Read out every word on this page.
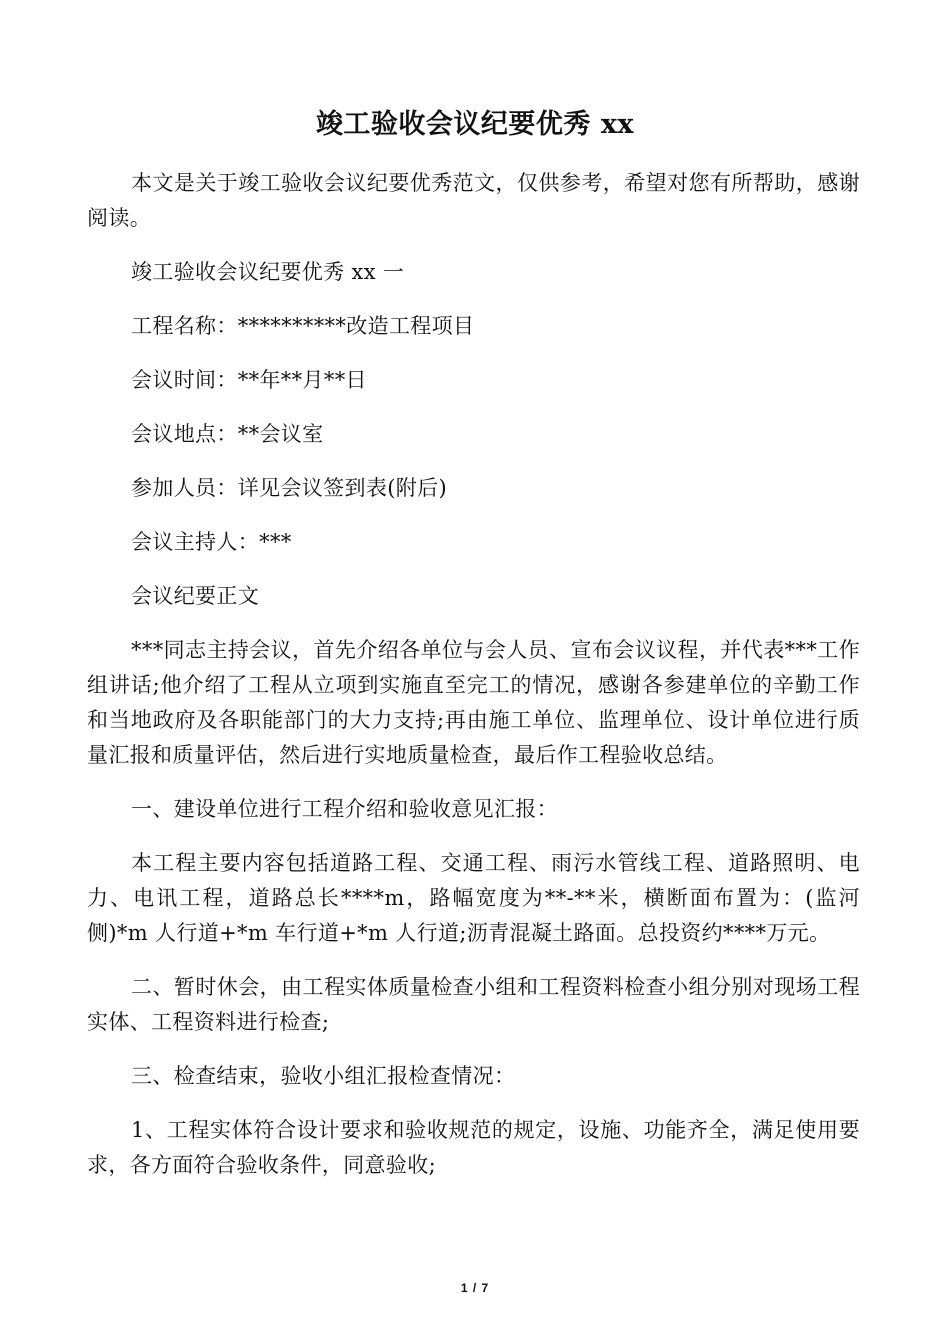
竣工验收会议纪要优秀 xx

本文是关于竣工验收会议纪要优秀范文，仅供参考，希望对您有所帮助，感谢阅读。

竣工验收会议纪要优秀 xx 一

工程名称：**********改造工程项目

会议时间：**年**月**日

会议地点：**会议室

参加人员：详见会议签到表(附后)

会议主持人：***

会议纪要正文

***同志主持会议，首先介绍各单位与会人员、宣布会议议程，并代表***工作组讲话;他介绍了工程从立项到实施直至完工的情况，感谢各参建单位的辛勤工作和当地政府及各职能部门的大力支持;再由施工单位、监理单位、设计单位进行质量汇报和质量评估，然后进行实地质量检查，最后作工程验收总结。

一、建设单位进行工程介绍和验收意见汇报：

本工程主要内容包括道路工程、交通工程、雨污水管线工程、道路照明、电力、电讯工程，道路总长****m，路幅宽度为**-**米，横断面布置为：(监河侧)*m 人行道+*m 车行道+*m 人行道;沥青混凝土路面。总投资约****万元。

二、暂时休会，由工程实体质量检查小组和工程资料检查小组分别对现场工程实体、工程资料进行检查;

三、检查结束，验收小组汇报检查情况：

1、工程实体符合设计要求和验收规范的规定，设施、功能齐全，满足使用要求，各方面符合验收条件，同意验收;

1 / 7
